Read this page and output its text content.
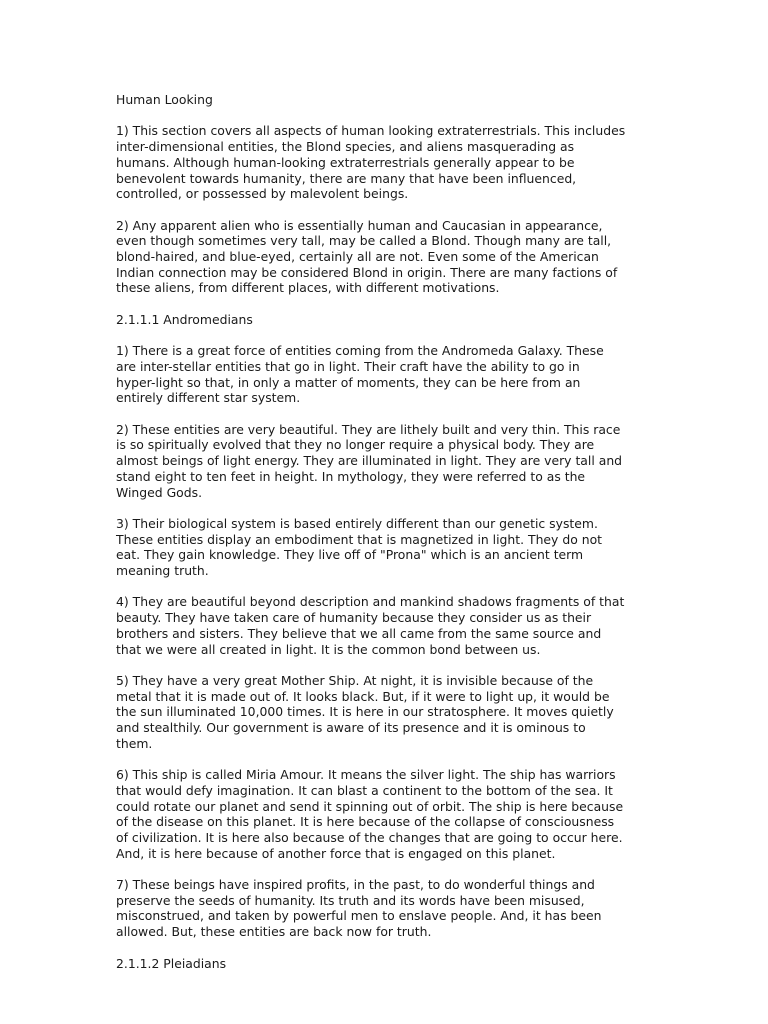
Human Looking
1) This section covers all aspects of human looking extraterrestrials. This includes
inter-dimensional entities, the Blond species, and aliens masquerading as
humans. Although human-looking extraterrestrials generally appear to be
benevolent towards humanity, there are many that have been influenced,
controlled, or possessed by malevolent beings.
2) Any apparent alien who is essentially human and Caucasian in appearance,
even though sometimes very tall, may be called a Blond. Though many are tall,
blond-haired, and blue-eyed, certainly all are not. Even some of the American
Indian connection may be considered Blond in origin. There are many factions of
these aliens, from different places, with different motivations.
2.1.1.1 Andromedians
1) There is a great force of entities coming from the Andromeda Galaxy. These
are inter-stellar entities that go in light. Their craft have the ability to go in
hyper-light so that, in only a matter of moments, they can be here from an
entirely different star system.
2) These entities are very beautiful. They are lithely built and very thin. This race
is so spiritually evolved that they no longer require a physical body. They are
almost beings of light energy. They are illuminated in light. They are very tall and
stand eight to ten feet in height. In mythology, they were referred to as the
Winged Gods.
3) Their biological system is based entirely different than our genetic system.
These entities display an embodiment that is magnetized in light. They do not
eat. They gain knowledge. They live off of "Prona" which is an ancient term
meaning truth.
4) They are beautiful beyond description and mankind shadows fragments of that
beauty. They have taken care of humanity because they consider us as their
brothers and sisters. They believe that we all came from the same source and
that we were all created in light. It is the common bond between us.
5) They have a very great Mother Ship. At night, it is invisible because of the
metal that it is made out of. It looks black. But, if it were to light up, it would be
the sun illuminated 10,000 times. It is here in our stratosphere. It moves quietly
and stealthily. Our government is aware of its presence and it is ominous to
them.
6) This ship is called Miria Amour. It means the silver light. The ship has warriors
that would defy imagination. It can blast a continent to the bottom of the sea. It
could rotate our planet and send it spinning out of orbit. The ship is here because
of the disease on this planet. It is here because of the collapse of consciousness
of civilization. It is here also because of the changes that are going to occur here.
And, it is here because of another force that is engaged on this planet.
7) These beings have inspired profits, in the past, to do wonderful things and
preserve the seeds of humanity. Its truth and its words have been misused,
misconstrued, and taken by powerful men to enslave people. And, it has been
allowed. But, these entities are back now for truth.
2.1.1.2 Pleiadians
